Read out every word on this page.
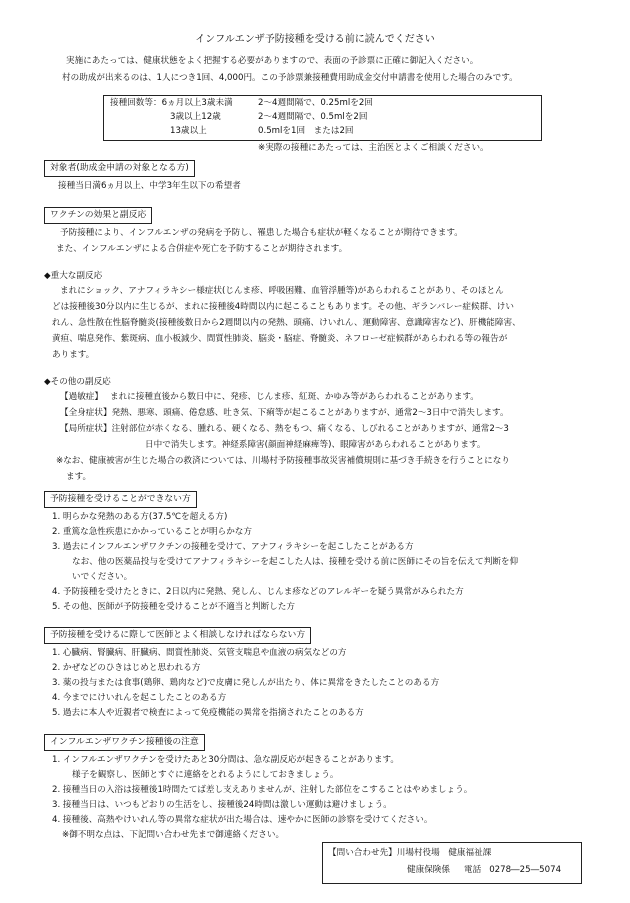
インフルエンザ予防接種を受ける前に読んでください
実施にあたっては、健康状態をよく把握する必要がありますので、表面の予診票に正確に御記入ください。
村の助成が出来るのは、1人につき1回、4,000円。この予診票兼接種費用助成金交付申請書を使用した場合のみです。
接種回数等：6ヵ月以上3歳未満	2〜4週間隔で、0.25mlを2回
3歳以上12歳	2〜4週間隔で、0.5mlを2回
13歳以上	0.5mlを1回　または2回
※実際の接種にあたっては、主治医とよくご相談ください。
対象者(助成金申請の対象となる方)
接種当日満6ヵ月以上、中学3年生以下の希望者
ワクチンの効果と副反応
予防接種により、インフルエンザの発病を予防し、罹患した場合も症状が軽くなることが期待できます。
また、インフルエンザによる合併症や死亡を予防することが期待されます。
◆重大な副反応
まれにショック、アナフィラキシー様症状(じんま疹、呼吸困難、血管浮腫等)があらわれることがあり、そのほとん
どは接種後30分以内に生じるが、まれに接種後4時間以内に起こることもあります。その他、ギランバレー症候群、けい
れん、急性散在性脳脊髄炎(接種後数日から2週間以内の発熱、頭痛、けいれん、運動障害、意識障害など)、肝機能障害、
黄疸、喘息発作、紫斑病、血小板減少、間質性肺炎、脳炎・脳症、脊髄炎、ネフローゼ症候群があらわれる等の報告が
あります。
◆その他の副反応
【過敏症】 まれに接種直後から数日中に、発疹、じんま疹、紅斑、かゆみ等があらわれることがあります。
【全身症状】発熱、悪寒、頭痛、倦怠感、吐き気、下痢等が起こることがありますが、通常2〜3日中で消失します。
【局所症状】注射部位が赤くなる、腫れる、硬くなる、熱をもつ、痛くなる、しびれることがありますが、通常2〜3
日中で消失します。神経系障害(顔面神経麻痺等)、眼障害があらわれることがあります。
※なお、健康被害が生じた場合の救済については、川場村予防接種事故災害補償規則に基づき手続きを行うことになり
ます。
予防接種を受けることができない方
1. 明らかな発熱のある方(37.5℃を超える方)
2. 重篤な急性疾患にかかっていることが明らかな方
3. 過去にインフルエンザワクチンの接種を受けて、アナフィラキシーを起こしたことがある方
なお、他の医薬品投与を受けてアナフィラキシーを起こした人は、接種を受ける前に医師にその旨を伝えて判断を仰
いでください。
4. 予防接種を受けたときに、2日以内に発熱、発しん、じんま疹などのアレルギーを疑う異常がみられた方
5. その他、医師が予防接種を受けることが不適当と判断した方
予防接種を受けるに際して医師とよく相談しなければならない方
1. 心臓病、腎臓病、肝臓病、間質性肺炎、気管支喘息や血液の病気などの方
2. かぜなどのひきはじめと思われる方
3. 薬の投与または食事(鶏卵、鶏肉など)で皮膚に発しんが出たり、体に異常をきたしたことのある方
4. 今までにけいれんを起こしたことのある方
5. 過去に本人や近親者で検査によって免疫機能の異常を指摘されたことのある方
インフルエンザワクチン接種後の注意
1. インフルエンザワクチンを受けたあと30分間は、急な副反応が起きることがあります。
様子を観察し、医師とすぐに連絡をとれるようにしておきましょう。
2. 接種当日の入浴は接種後1時間たてば差し支えありませんが、注射した部位をこすることはやめましょう。
3. 接種当日は、いつもどおりの生活をし、接種後24時間は激しい運動は避けましょう。
4. 接種後、高熱やけいれん等の異常な症状が出た場合は、速やかに医師の診察を受けてください。
※御不明な点は、下記問い合わせ先まで御連絡ください。
【問い合わせ先】川場村役場　健康福祉課
健康保険係 電話 0278―25―5074
